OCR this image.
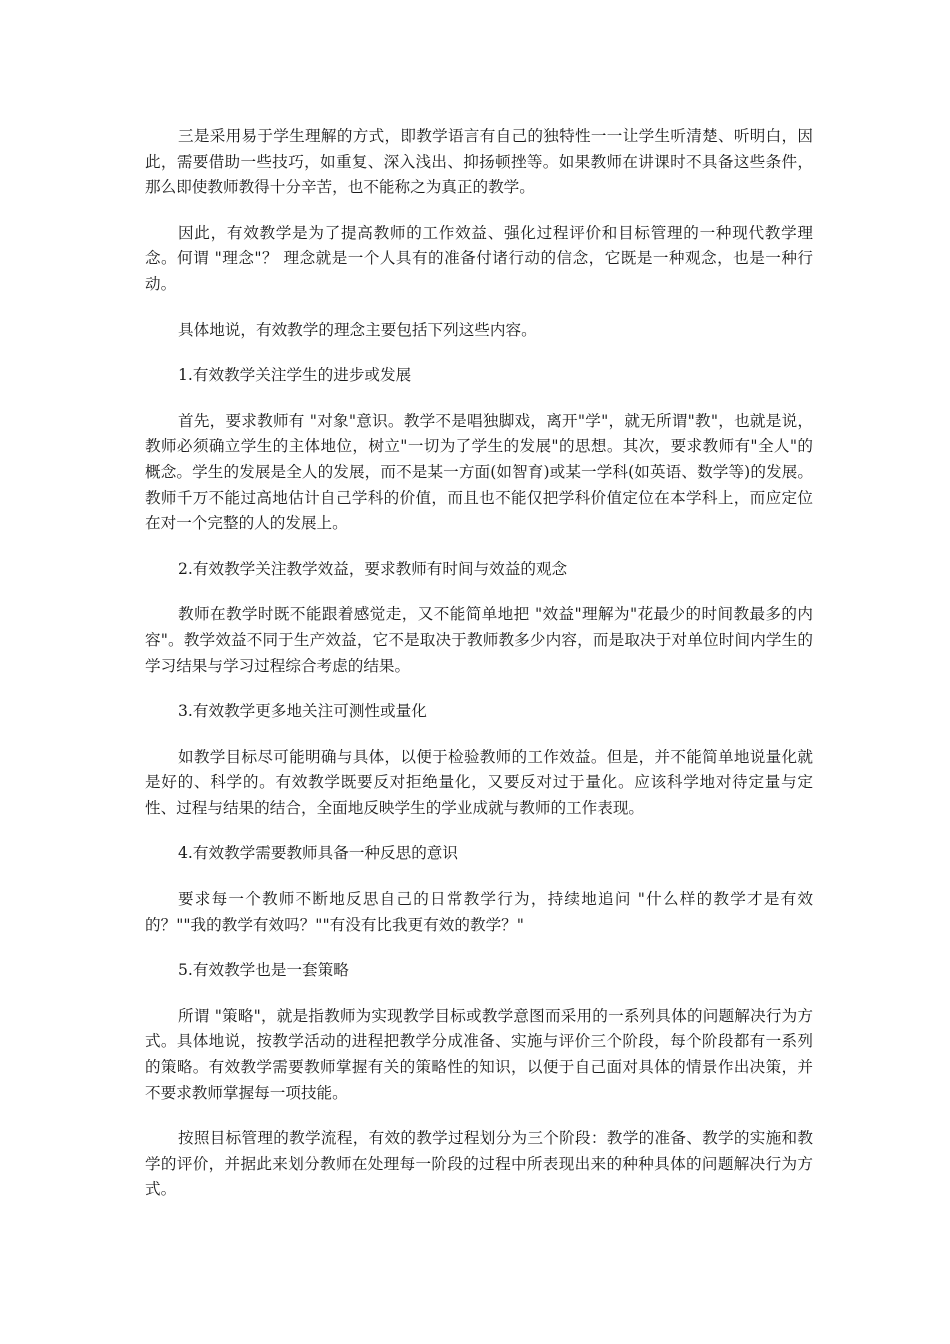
三是采用易于学生理解的方式，即教学语言有自己的独特性一一让学生听清楚、听明白，因此，需要借助一些技巧，如重复、深入浅出、抑扬顿挫等。如果教师在讲课时不具备这些条件，那么即使教师教得十分辛苦，也不能称之为真正的教学。

因此，有效教学是为了提高教师的工作效益、强化过程评价和目标管理的一种现代教学理念。何谓 "理念"？ 理念就是一个人具有的准备付诸行动的信念，它既是一种观念，也是一种行动。

具体地说，有效教学的理念主要包括下列这些内容。

1.有效教学关注学生的进步或发展

首先，要求教师有 "对象"意识。教学不是唱独脚戏，离开"学"，就无所谓"教"，也就是说，教师必须确立学生的主体地位，树立"一切为了学生的发展"的思想。其次，要求教师有"全人"的概念。学生的发展是全人的发展，而不是某一方面(如智育)或某一学科(如英语、数学等)的发展。教师千万不能过高地估计自己学科的价值，而且也不能仅把学科价值定位在本学科上，而应定位在对一个完整的人的发展上。

2.有效教学关注教学效益，要求教师有时间与效益的观念

教师在教学时既不能跟着感觉走，又不能简单地把 "效益"理解为"花最少的时间教最多的内容"。教学效益不同于生产效益，它不是取决于教师教多少内容，而是取决于对单位时间内学生的学习结果与学习过程综合考虑的结果。

3.有效教学更多地关注可测性或量化

如教学目标尽可能明确与具体，以便于检验教师的工作效益。但是，并不能简单地说量化就是好的、科学的。有效教学既要反对拒绝量化，又要反对过于量化。应该科学地对待定量与定性、过程与结果的结合，全面地反映学生的学业成就与教师的工作表现。

4.有效教学需要教师具备一种反思的意识

要求每一个教师不断地反思自己的日常教学行为，持续地追问 "什么样的教学才是有效的？""我的教学有效吗？""有没有比我更有效的教学？"

5.有效教学也是一套策略

所谓 "策略"，就是指教师为实现教学目标或教学意图而采用的一系列具体的问题解决行为方式。具体地说，按教学活动的进程把教学分成准备、实施与评价三个阶段，每个阶段都有一系列的策略。有效教学需要教师掌握有关的策略性的知识，以便于自己面对具体的情景作出决策，并不要求教师掌握每一项技能。

按照目标管理的教学流程，有效的教学过程划分为三个阶段：教学的准备、教学的实施和教学的评价，并据此来划分教师在处理每一阶段的过程中所表现出来的种种具体的问题解决行为方式。
